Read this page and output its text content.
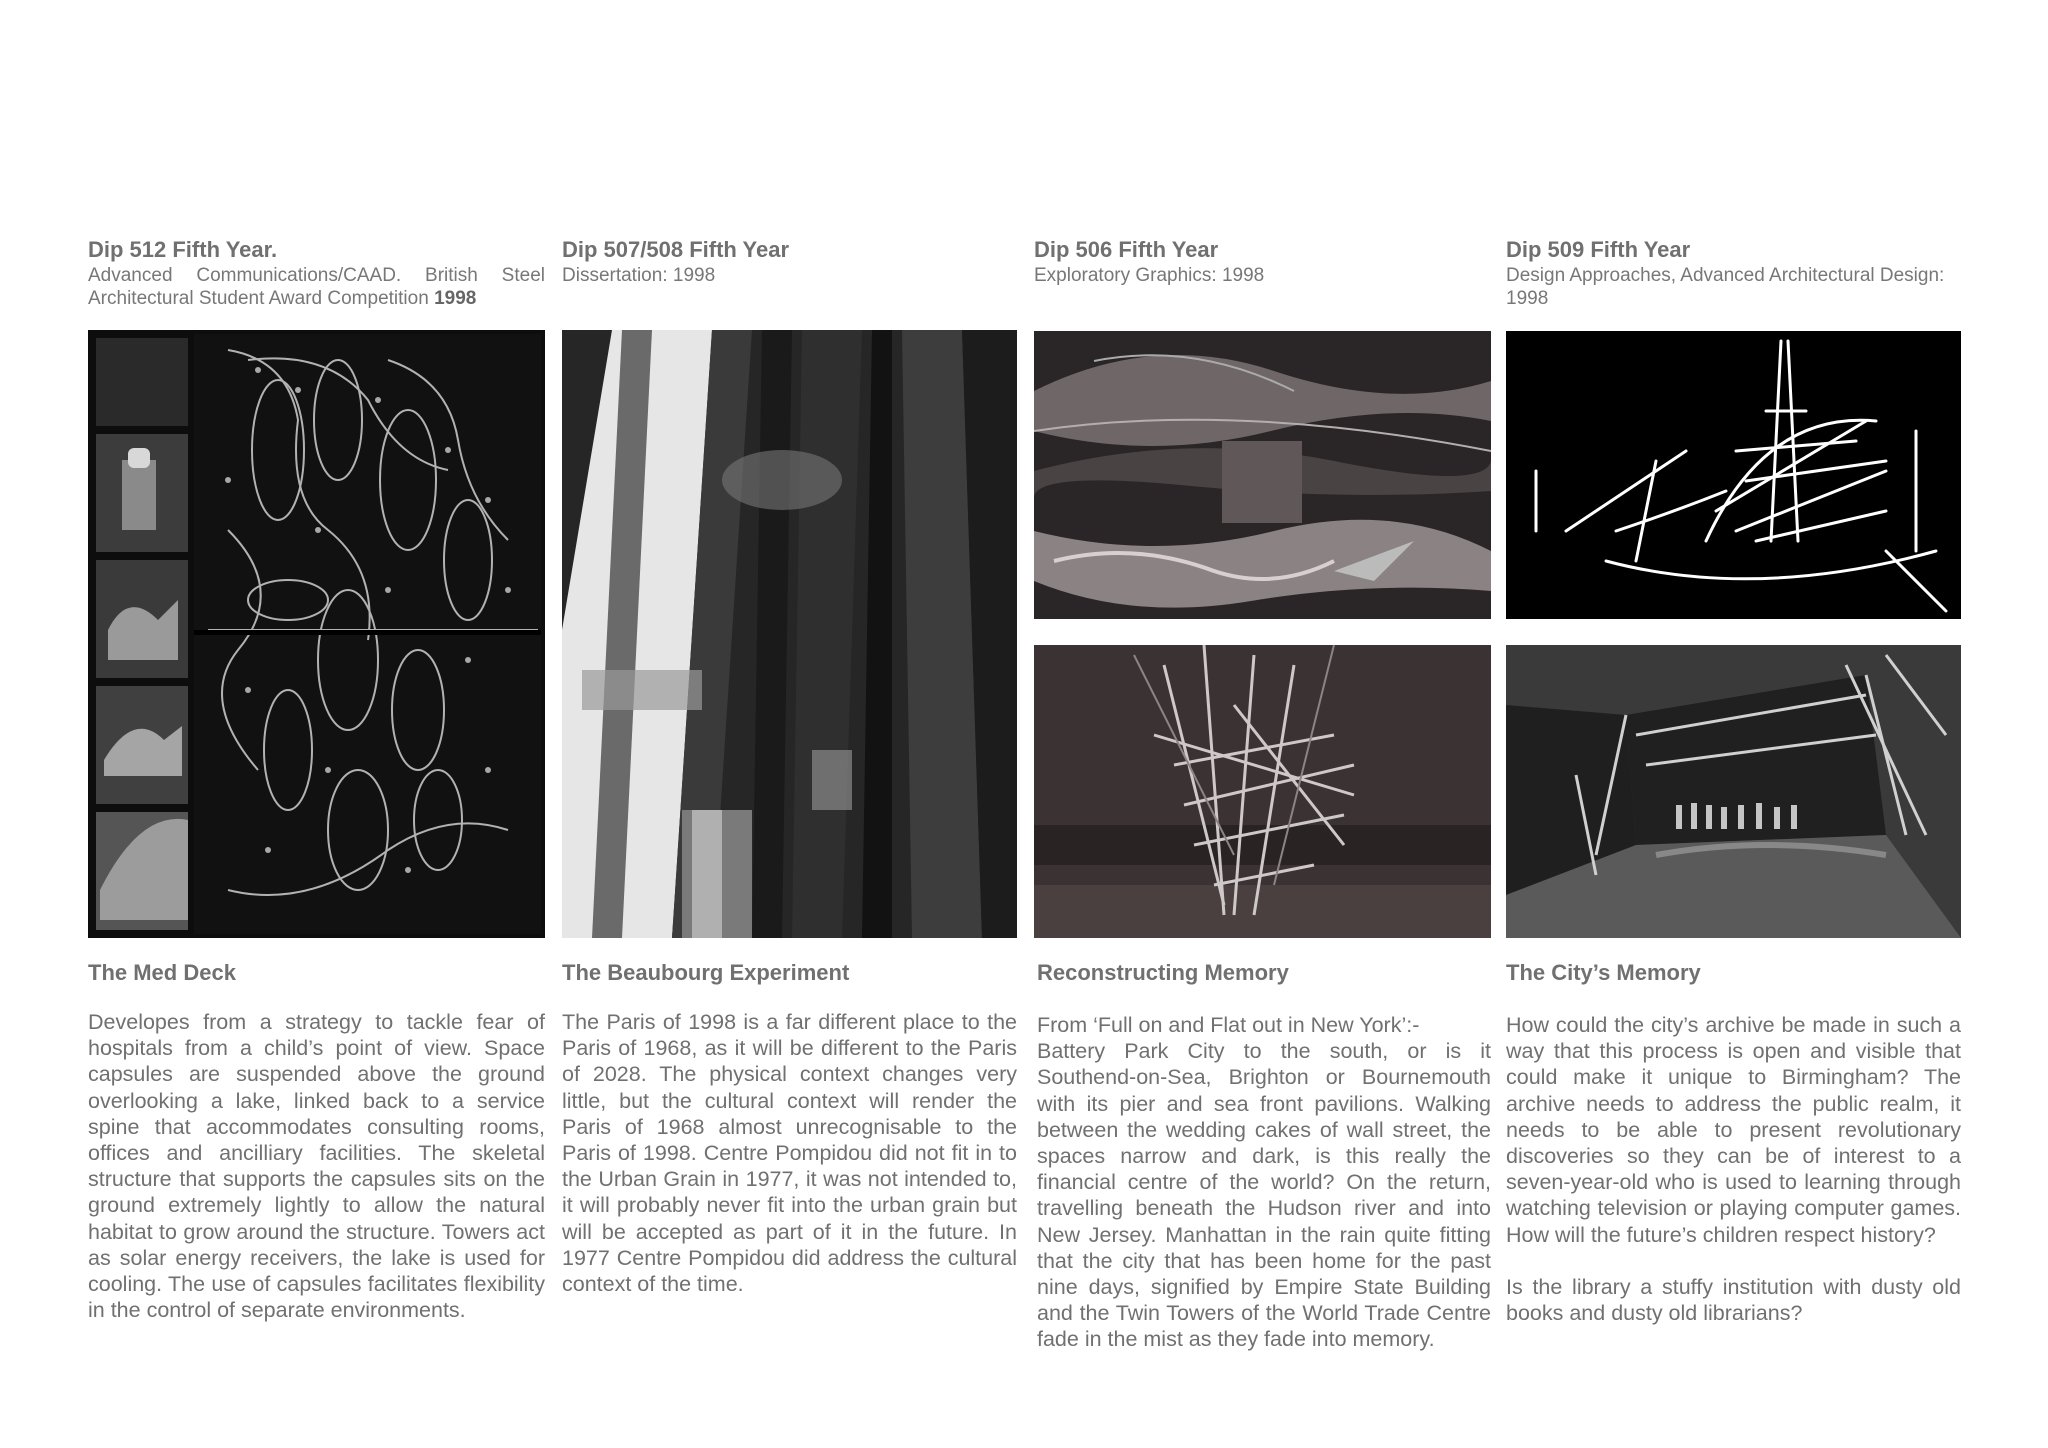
Dip 512 Fifth Year.

Advanced Communications/CAAD. British Steel Architectural Student Award Competition 1998

Dip 507/508 Fifth Year

Dissertation: 1998

Dip 506 Fifth Year

Exploratory Graphics: 1998

Dip 509 Fifth Year

Design Approaches, Advanced Architectural Design: 1998

The Med Deck	The Beaubourg Experiment	Reconstructing Memory	The City’s Memory

Developes from a strategy to tackle fear of hospitals from a child’s point of view. Space capsules are suspended above the ground overlooking a lake, linked back to a service spine that accommodates consulting rooms, offices and ancilliary facilities. The skeletal structure that supports the capsules sits on the ground extremely lightly to allow the natural habitat to grow around the structure. Towers act as solar energy receivers, the lake is used for cooling. The use of capsules facilitates flexibility in the control of separate environments.

The Paris of 1998 is a far different place to the Paris of 1968, as it will be different to the Paris of 2028. The physical context changes very little, but the cultural context will render the Paris of 1968 almost unrecognisable to the Paris of 1998. Centre Pompidou did not fit in to the Urban Grain in 1977, it was not intended to, it will probably never fit into the urban grain but will be accepted as part of it in the future. In 1977 Centre Pompidou did address the cultural context of the time.

From ‘Full on and Flat out in New York’:-

Battery Park City to the south, or is it Southend-on-Sea, Brighton or Bournemouth with its pier and sea front pavilions. Walking between the wedding cakes of wall street, the spaces narrow and dark, is this really the financial centre of the world? On the return, travelling beneath the Hudson river and into New Jersey. Manhattan in the rain quite fitting that the city that has been home for the past nine days, signified by Empire State Building and the Twin Towers of the World Trade Centre fade in the mist as they fade into memory.

How could the city’s archive be made in such a way that this process is open and visible that could make it unique to Birmingham? The archive needs to address the public realm, it needs to be able to present revolutionary discoveries so they can be of interest to a seven-year-old who is used to learning through watching television or playing computer games. How will the future’s children respect history?

Is the library a stuffy institution with dusty old books and dusty old librarians?
